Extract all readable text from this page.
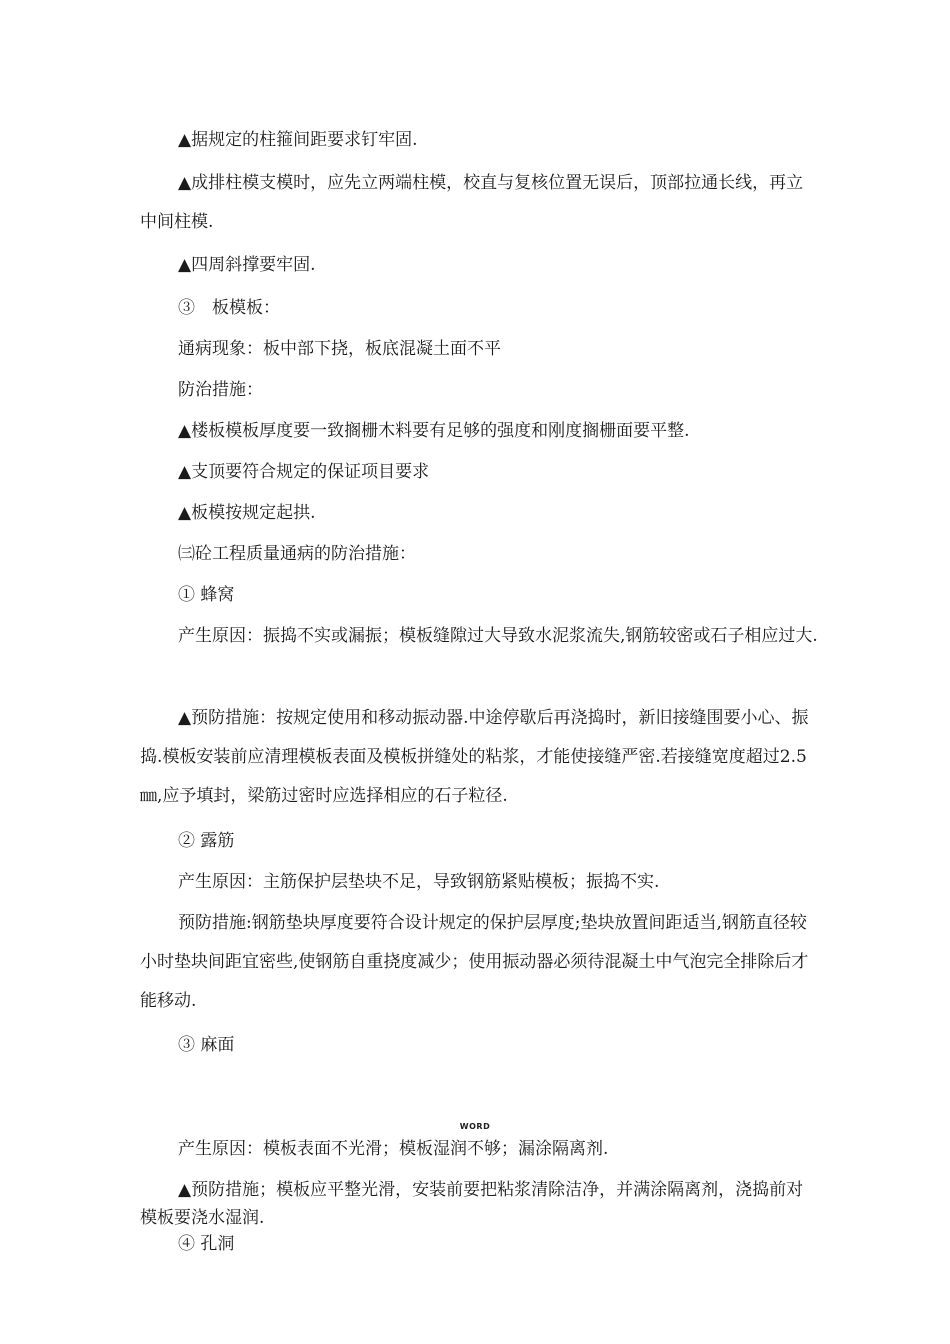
▲据规定的柱箍间距要求钉牢固.

▲成排柱模支模时，应先立两端柱模，校直与复核位置无误后，顶部拉通长线，再立中间柱模.

▲四周斜撑要牢固.

③　板模板：

通病现象：板中部下挠，板底混凝土面不平

防治措施：

▲楼板模板厚度要一致搁栅木料要有足够的强度和刚度搁栅面要平整.

▲支顶要符合规定的保证项目要求

▲板模按规定起拱.

㈢砼工程质量通病的防治措施：

① 蜂窝

产生原因：振捣不实或漏振；模板缝隙过大导致水泥浆流失,钢筋较密或石子相应过大.

▲预防措施：按规定使用和移动振动器.中途停歇后再浇捣时，新旧接缝围要小心、振捣.模板安装前应清理模板表面及模板拼缝处的粘浆，才能使接缝严密.若接缝宽度超过2.5㎜,应予填封，梁筋过密时应选择相应的石子粒径.

② 露筋

产生原因：主筋保护层垫块不足，导致钢筋紧贴模板；振捣不实.

预防措施:钢筋垫块厚度要符合设计规定的保护层厚度;垫块放置间距适当,钢筋直径较小时垫块间距宜密些,使钢筋自重挠度减少；使用振动器必须待混凝土中气泡完全排除后才能移动.

③ 麻面

WORD

产生原因：模板表面不光滑；模板湿润不够；漏涂隔离剂.

▲预防措施；模板应平整光滑，安装前要把粘浆清除洁净，并满涂隔离剂，浇捣前对模板要浇水湿润.

④ 孔洞
